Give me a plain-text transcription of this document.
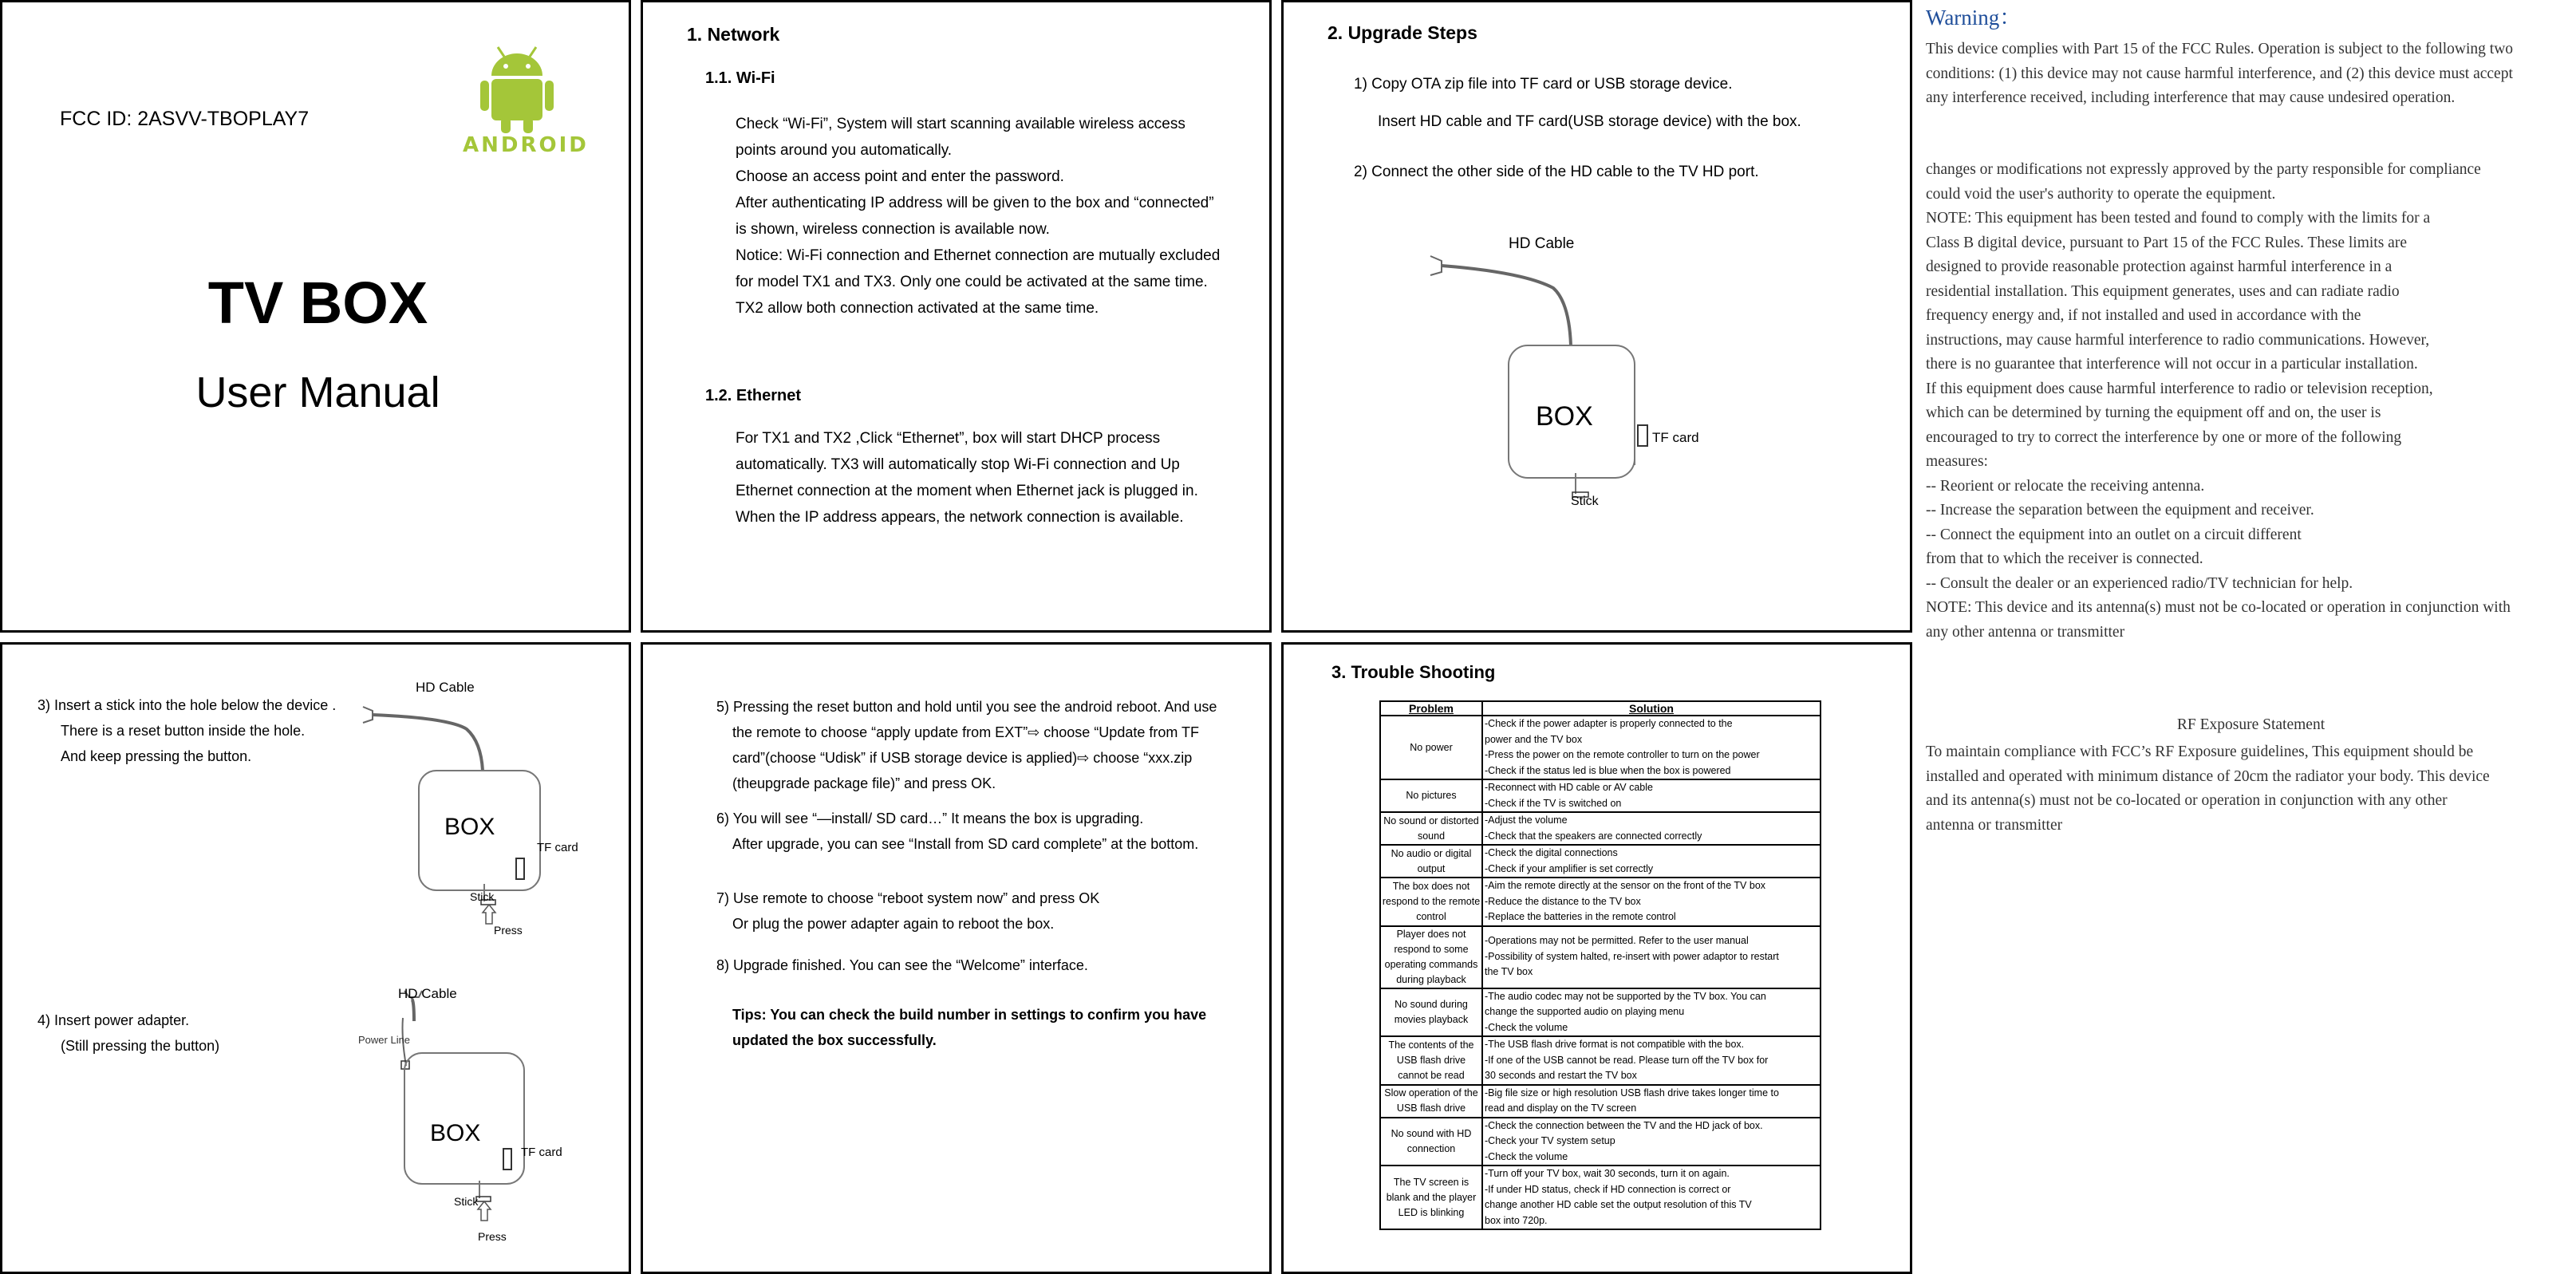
FCC ID: 2ASVV-TBOPLAY7
ANDROID
TV BOX
User Manual
1. Network
1.1. Wi-Fi
Check “Wi-Fi”, System will start scanning available wireless access
points around you automatically.
Choose an access point and enter the password.
After authenticating IP address will be given to the box and “connected”
is shown, wireless connection is available now.
Notice: Wi-Fi connection and Ethernet connection are mutually excluded
for model TX1 and TX3. Only one could be activated at the same time.
TX2 allow both connection activated at the same time.
1.2. Ethernet
For TX1 and TX2 ,Click “Ethernet”, box will start DHCP process
automatically. TX3 will automatically stop Wi-Fi connection and Up
Ethernet connection at the moment when Ethernet jack is plugged in.
When the IP address appears, the network connection is available.
2. Upgrade Steps
1) Copy OTA zip file into TF card or USB storage device.
Insert HD cable and TF card(USB storage device) with the box.
2) Connect the other side of the HD cable to the TV HD port.
HD Cable
BOX
TF card
Stick
Warning：

This device complies with Part 15 of the FCC Rules. Operation is subject to the following two

conditions: (1) this device may not cause harmful interference, and (2) this device must accept

any interference received, including interference that may cause undesired operation.

changes or modifications not expressly approved by the party responsible for compliance

could void the user's authority to operate the equipment.

NOTE: This equipment has been tested and found to comply with the limits for a

Class B digital device, pursuant to Part 15 of the FCC Rules. These limits are

designed to provide reasonable protection against harmful interference in a

residential installation. This equipment generates, uses and can radiate radio

frequency energy and, if not installed and used in accordance with the

instructions, may cause harmful interference to radio communications. However,

there is no guarantee that interference will not occur in a particular installation.

If this equipment does cause harmful interference to radio or television reception,

which can be determined by turning the equipment off and on, the user is

encouraged to try to correct the interference by one or more of the following

measures:

-- Reorient or relocate the receiving antenna.

-- Increase the separation between the equipment and receiver.

-- Connect the equipment into an outlet on a circuit different

from that to which the receiver is connected.

-- Consult the dealer or an experienced radio/TV technician for help.

NOTE: This device and its antenna(s) must not be co-located or operation in conjunction with

any other antenna or transmitter

RF Exposure Statement

To maintain compliance with FCC’s RF Exposure guidelines, This equipment should be

installed and operated with minimum distance of 20cm the radiator your body. This device

and its antenna(s) must not be co-located or operation in conjunction with any other

antenna or transmitter

3) Insert a stick into the hole below the device .
There is a reset button inside the hole.
And keep pressing the button.
HD Cable
BOX
TF card
Stick
Press
4) Insert power adapter.
(Still pressing the button)
HD Cable
Power Line
BOX
TF card
Stick
Press
5) Pressing the reset button and hold until you see the android reboot. And use
the remote to choose “apply update from EXT”⇨ choose “Update from TF
card”(choose “Udisk” if USB storage device is applied)⇨ choose “xxx.zip
(theupgrade package file)” and press OK.
6) You will see “—install/ SD card…” It means the box is upgrading.
After upgrade, you can see “Install from SD card complete” at the bottom.
7) Use remote to choose “reboot system now” and press OK
Or plug the power adapter again to reboot the box.
8) Upgrade finished. You can see the “Welcome” interface.
Tips: You can check the build number in settings to confirm you have
updated the box successfully.
3. Trouble Shooting
Problem	Solution
No power	-Check if the power adapter is properly connected to the
power and the TV box
-Press the power on the remote controller to turn on the power
-Check if the status led is blue when the box is powered

No pictures	-Reconnect with HD cable or AV cable
-Check if the TV is switched on

No sound or distorted sound	-Adjust the volume
-Check that the speakers are connected correctly

No audio or digital output	-Check the digital connections
-Check if your amplifier is set correctly

The box does not respond to the remote control	-Aim the remote directly at the sensor on the front of the TV box
-Reduce the distance to the TV box
-Replace the batteries in the remote control

Player does not respond to some operating commands during playback	-Operations may not be permitted. Refer to the user manual
-Possibility of system halted, re-insert with power adaptor to restart
the TV box

No sound during movies playback	-The audio codec may not be supported by the TV box. You can
change the supported audio on playing menu
-Check the volume

The contents of the USB flash drive cannot be read	-The USB flash drive format is not compatible with the box.
-If one of the USB cannot be read. Please turn off the TV box for
30 seconds and restart the TV box

Slow operation of the USB flash drive	-Big file size or high resolution USB flash drive takes longer time to
read and display on the TV screen

No sound with HD connection	-Check the connection between the TV and the HD jack of box.
-Check your TV system setup
-Check the volume

The TV screen is blank and the player LED is blinking	-Turn off your TV box, wait 30 seconds, turn it on again.
-If under HD status, check if HD connection is correct or
change another HD cable set the output resolution of this TV
box into 720p.
